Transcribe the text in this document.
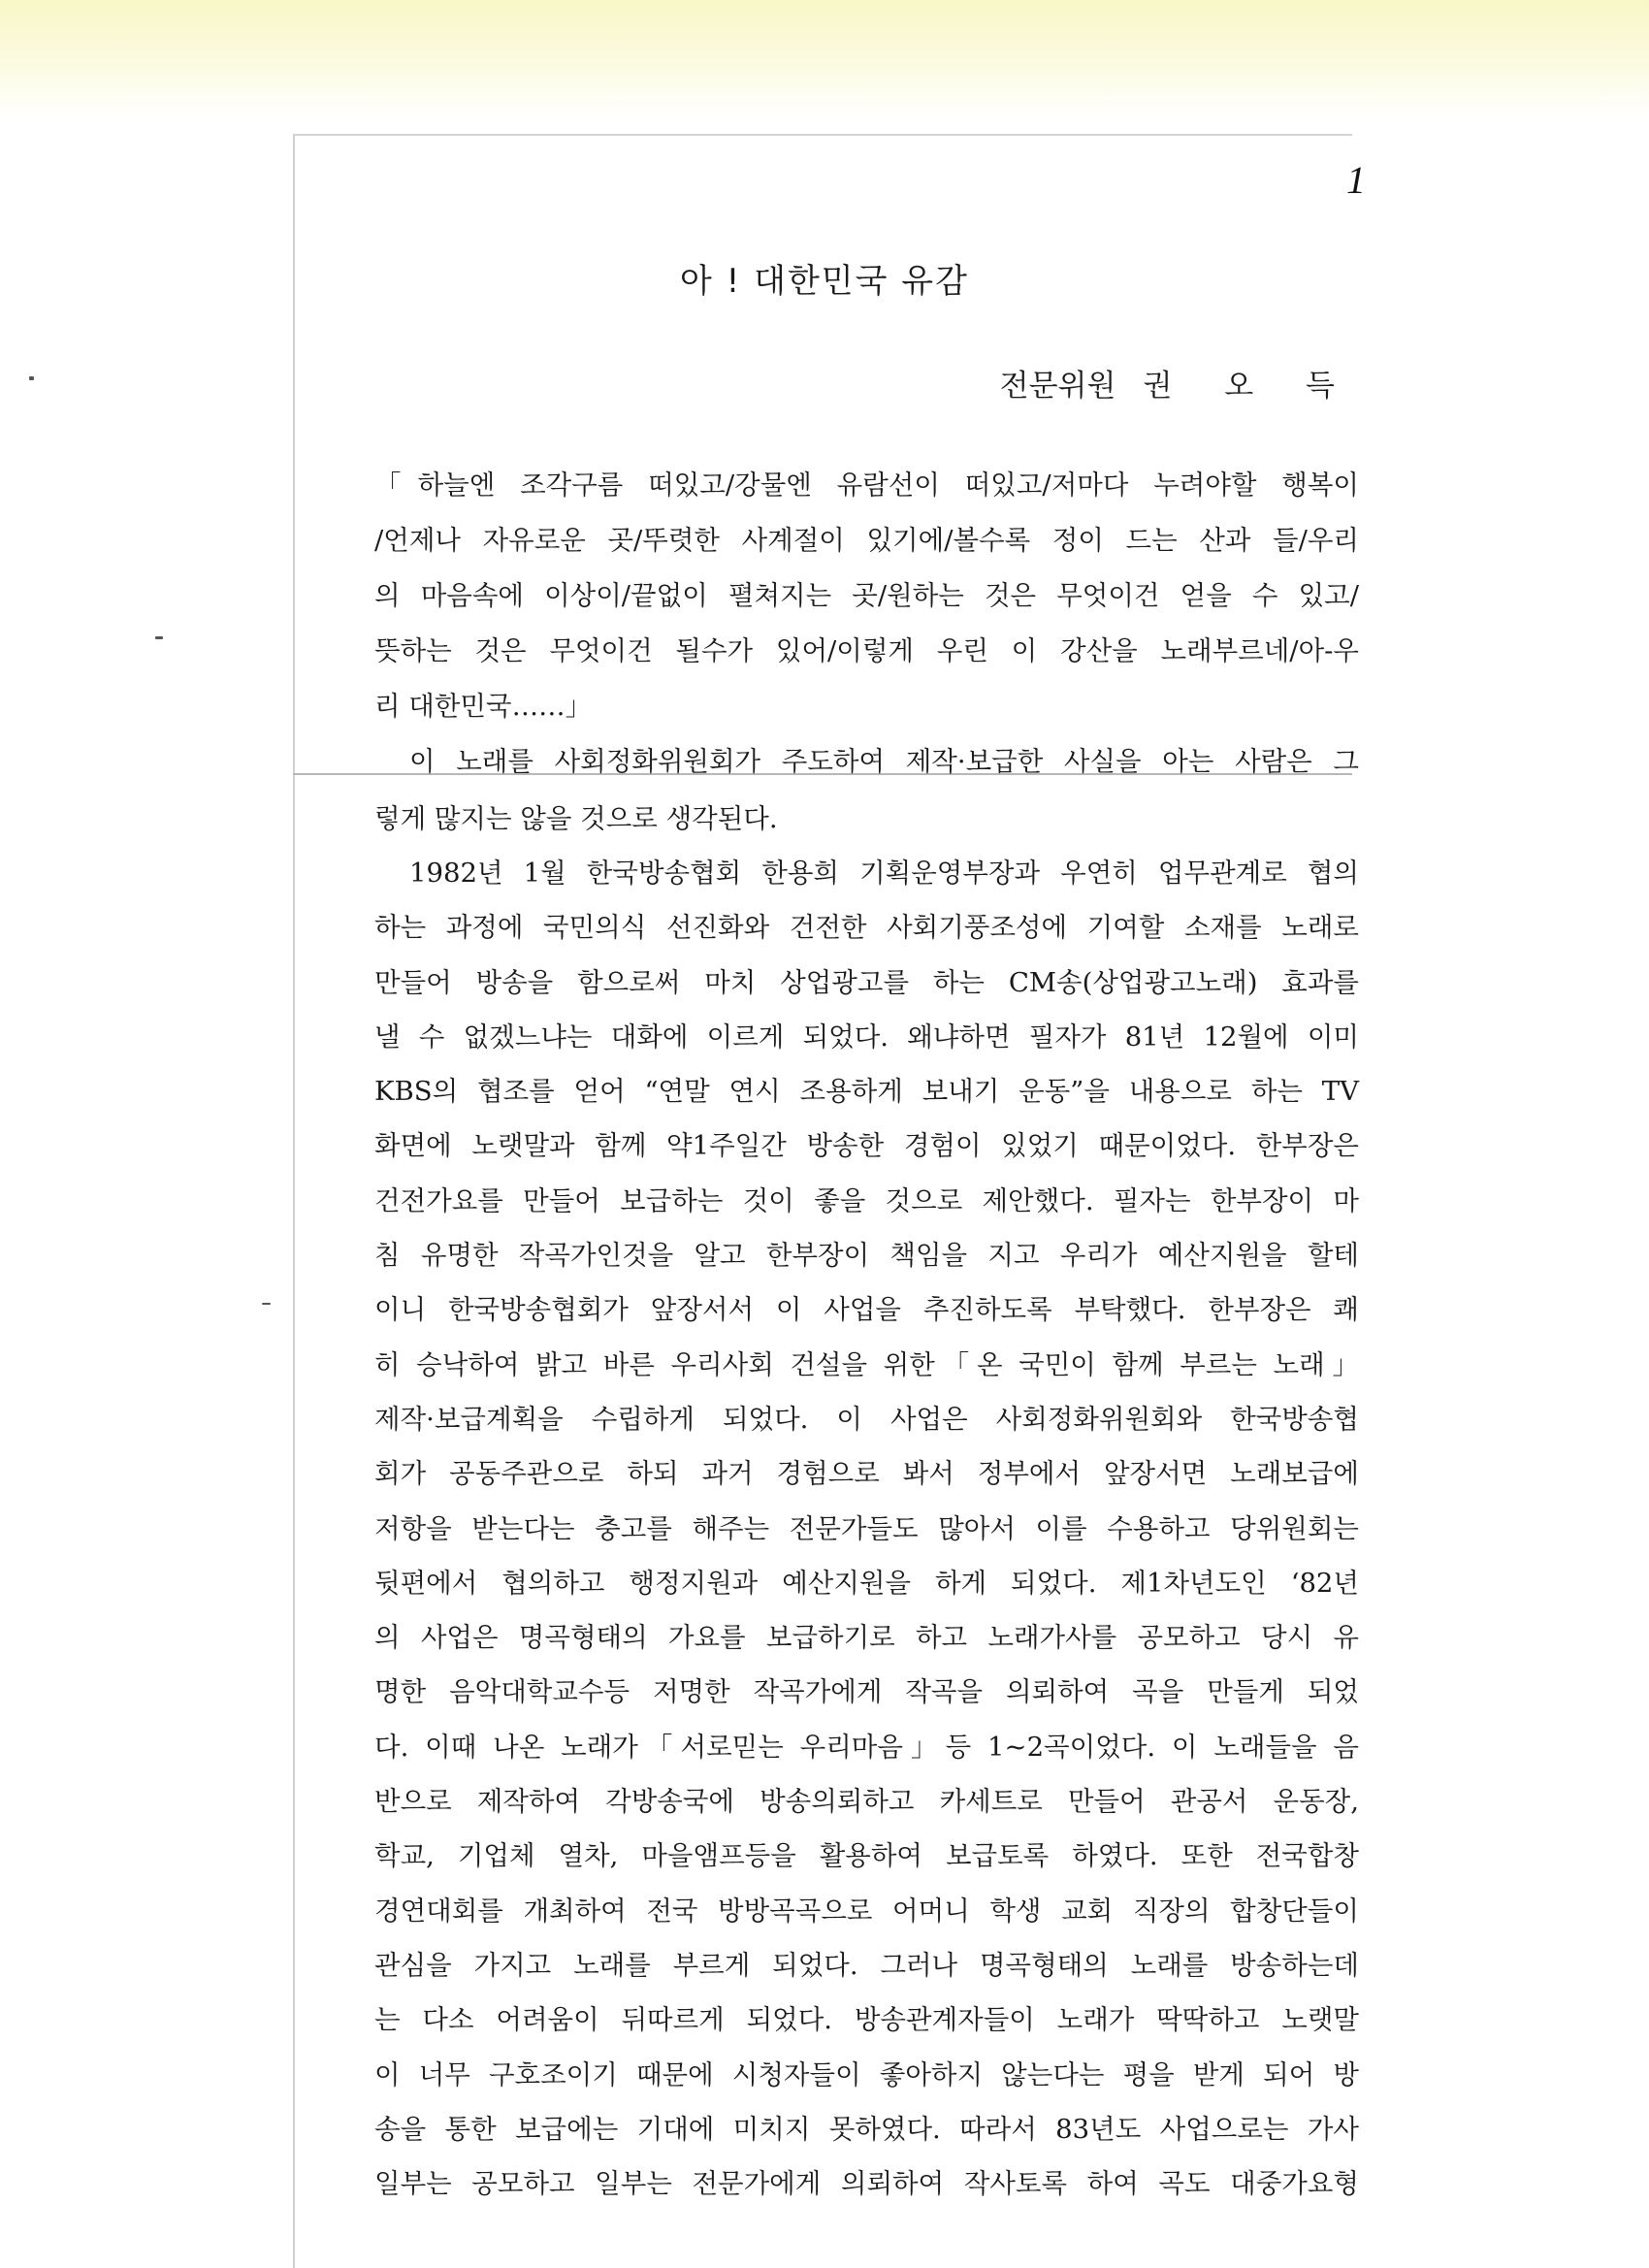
1
아 ! 대한민국 유감
전문위원 권 오 득
「하늘엔 조각구름 떠있고/강물엔 유람선이 떠있고/저마다 누려야할 행복이
/언제나 자유로운 곳/뚜렷한 사계절이 있기에/볼수록 정이 드는 산과 들/우리
의 마음속에 이상이/끝없이 펼쳐지는 곳/원하는 것은 무엇이건 얻을 수 있고/
뜻하는 것은 무엇이건 될수가 있어/이렇게 우린 이 강산을 노래부르네/아-우
리 대한민국……」
이 노래를 사회정화위원회가 주도하여 제작·보급한 사실을 아는 사람은 그
렇게 많지는 않을 것으로 생각된다.
1982년 1월 한국방송협회 한용희 기획운영부장과 우연히 업무관계로 협의
하는 과정에 국민의식 선진화와 건전한 사회기풍조성에 기여할 소재를 노래로
만들어 방송을 함으로써 마치 상업광고를 하는 CM송(상업광고노래) 효과를
낼 수 없겠느냐는 대화에 이르게 되었다. 왜냐하면 필자가 81년 12월에 이미
KBS의 협조를 얻어 “연말 연시 조용하게 보내기 운동”을 내용으로 하는 TV
화면에 노랫말과 함께 약1주일간 방송한 경험이 있었기 때문이었다. 한부장은
건전가요를 만들어 보급하는 것이 좋을 것으로 제안했다. 필자는 한부장이 마
침 유명한 작곡가인것을 알고 한부장이 책임을 지고 우리가 예산지원을 할테
이니 한국방송협회가 앞장서서 이 사업을 추진하도록 부탁했다. 한부장은 쾌
히 승낙하여 밝고 바른 우리사회 건설을 위한「온 국민이 함께 부르는 노래」
제작·보급계획을 수립하게 되었다. 이 사업은 사회정화위원회와 한국방송협
회가 공동주관으로 하되 과거 경험으로 봐서 정부에서 앞장서면 노래보급에
저항을 받는다는 충고를 해주는 전문가들도 많아서 이를 수용하고 당위원회는
뒷편에서 협의하고 행정지원과 예산지원을 하게 되었다. 제1차년도인 ‘82년
의 사업은 명곡형태의 가요를 보급하기로 하고 노래가사를 공모하고 당시 유
명한 음악대학교수등 저명한 작곡가에게 작곡을 의뢰하여 곡을 만들게 되었
다. 이때 나온 노래가「서로믿는 우리마음」등 1~2곡이었다. 이 노래들을 음
반으로 제작하여 각방송국에 방송의뢰하고 카세트로 만들어 관공서 운동장,
학교, 기업체 열차, 마을앰프등을 활용하여 보급토록 하였다. 또한 전국합창
경연대회를 개최하여 전국 방방곡곡으로 어머니 학생 교회 직장의 합창단들이
관심을 가지고 노래를 부르게 되었다. 그러나 명곡형태의 노래를 방송하는데
는 다소 어려움이 뒤따르게 되었다. 방송관계자들이 노래가 딱딱하고 노랫말
이 너무 구호조이기 때문에 시청자들이 좋아하지 않는다는 평을 받게 되어 방
송을 통한 보급에는 기대에 미치지 못하였다. 따라서 83년도 사업으로는 가사
일부는 공모하고 일부는 전문가에게 의뢰하여 작사토록 하여 곡도 대중가요형
